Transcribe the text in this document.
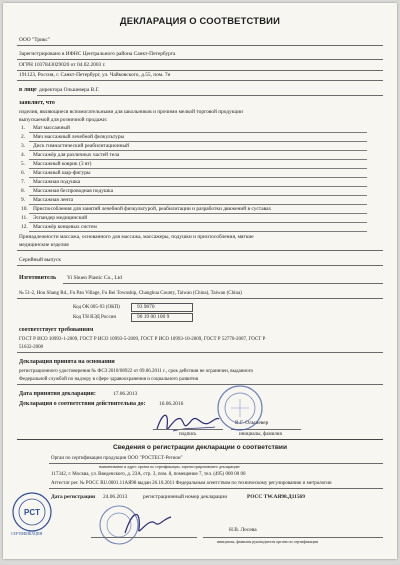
ДЕКЛАРАЦИЯ О СООТВЕТСТВИИ
ООО "Трикс"
Зарегистрировано в ИФНС Центрального района Санкт-Петербурга
ОГРН 1037843029020 от 04.02.2003 г.
191123, Россия, г. Санкт-Петербург, ул. Чайковского, д.55, пом. 7н
в лице директора Ольшевера В.Г.
заявляет, что
изделия, являющиеся вспомогательными для школьников и прочими мелкой торговой продукции
выпускаемой для розничной продажи:
1. Мат массажный
2. Мяч массажный лечебной физкультуры
3. Диск гимнастический реабилитационный
4. Массажёр для различных частей тела
5. Массажный коврик (3 вт)
6. Массажный шар-фигуры
7. Массажная подушка
8. Массажная беспроводная подушка
9. Массажная лента
10. Приспособления для занятий лечебной физкультурой, реабилитации и разработки движений в суставах
11. Эспандер медицинский
12. Массажёр концевых систем
Принадлежности массажа, основанного для массажа, массажеры, подушки и приспособления, мягкие
медицинские изделия
Серийный выпуск
Изготовитель Yi Shuen Plastic Co., Ltd
№ 51-2, Hou Shang Rd., Fu Pan Village, Fu Bei Township, Changhua County, Taiwan (China), Taiwan (China)
Код ОК 005-93 (ОКП)	93 9870
Код ТН ВЭД России	90 19 00 100 9
соответствует требованиям
ГОСТ Р ИСО 10993-1-2009, ГОСТ Р ИСО 10993-5-2009, ГОСТ Р ИСО 10993-10-2009, ГОСТ Р 52770-2007, ГОСТ Р
51632-2000
Декларация принята на основании
регистрационного удостоверения № ФСЗ 2010/08922 от 09.06.2011 г., срок действия не ограничен, выданного
Федеральной службой по надзору в сфере здравоохранения и социального развития
Дата принятия декларации:	17.06.2013
Декларация о соответствии действительна до: 16.06.2016
подпись
В.Г. Ольшевер
инициалы, фамилия
Сведения о регистрации декларации о соответствии
Орган по сертификации продукции ООО "РОСТЕСТ-Регион"
наименование и адрес органа по сертификации, зарегистрировавшего декларацию
117342, г. Москва, ул. Введенского, д. 23А, стр. 3, пом. 8, помещение 7, тел. (495) 000 00 00
Аттестат рег. № РОСС RU.0001.11АЯ98 выдан 26.10.2011 Федеральным агентством по техническому регулированию и метрологии
Дата регистрации 24.06.2013	регистрационный номер декларации	РОСС TW.АЯ98.Д11569
PCT
СЕРТИФИКАЦИЯ
Н.В. Лосева
инициалы, фамилия руководителя органа по сертификации
